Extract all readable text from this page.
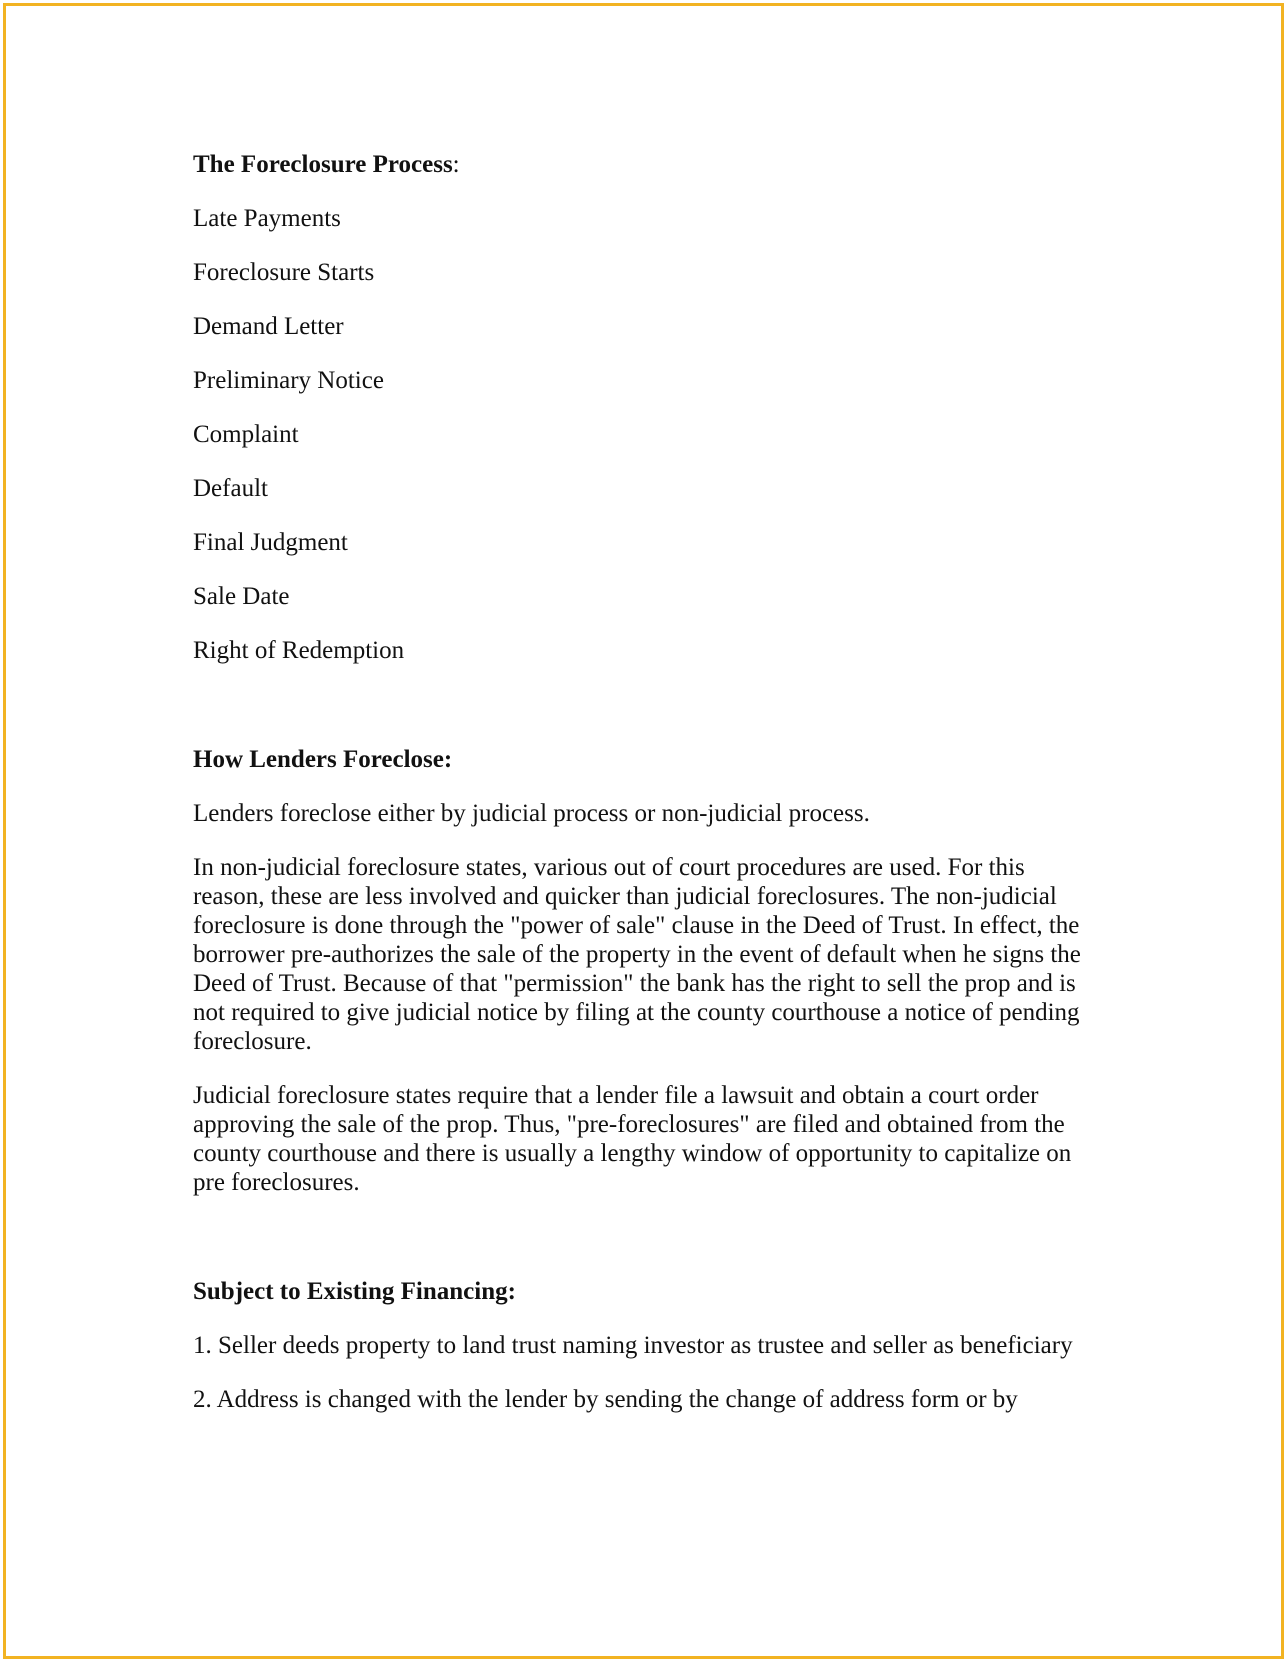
The Foreclosure Process:
Late Payments
Foreclosure Starts
Demand Letter
Preliminary Notice
Complaint
Default
Final Judgment
Sale Date
Right of Redemption
How Lenders Foreclose:

Lenders foreclose either by judicial process or non-judicial process.

In non-judicial foreclosure states, various out of court procedures are used. For this reason, these are less involved and quicker than judicial foreclosures. The non-judicial foreclosure is done through the "power of sale" clause in the Deed of Trust. In effect, the borrower pre-authorizes the sale of the property in the event of default when he signs the Deed of Trust. Because of that "permission" the bank has the right to sell the prop and is not required to give judicial notice by filing at the county courthouse a notice of pending foreclosure.

Judicial foreclosure states require that a lender file a lawsuit and obtain a court order approving the sale of the prop. Thus, "pre-foreclosures" are filed and obtained from the county courthouse and there is usually a lengthy window of opportunity to capitalize on pre foreclosures.

Subject to Existing Financing:

1. Seller deeds property to land trust naming investor as trustee and seller as beneficiary

2. Address is changed with the lender by sending the change of address form or by
